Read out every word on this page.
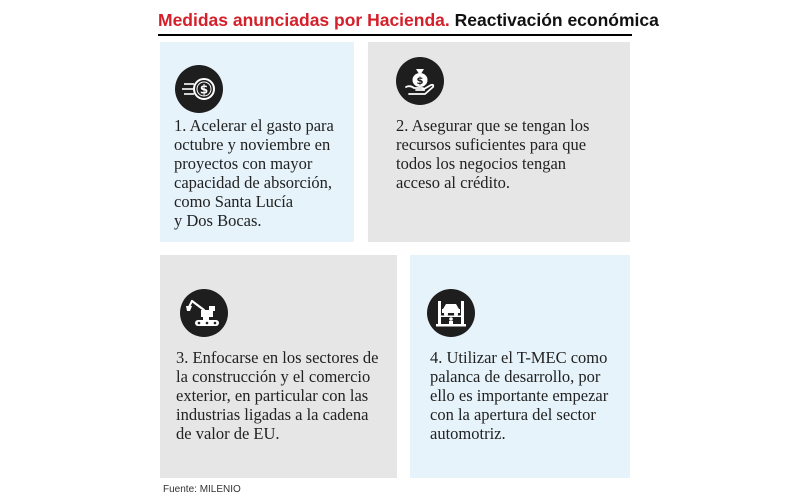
Medidas anunciadas por Hacienda. Reactivación económica
$
1. Acelerar el gasto para
octubre y noviembre en
proyectos con mayor
capacidad de absorción,
como Santa Lucía
y Dos Bocas.
$
2. Asegurar que se tengan los
recursos suficientes para que
todos los negocios tengan
acceso al crédito.
3. Enfocarse en los sectores de
la construcción y el comercio
exterior, en particular con las
industrias ligadas a la cadena
de valor de EU.
4. Utilizar el T-MEC como
palanca de desarrollo, por
ello es importante empezar
con la apertura del sector
automotriz.
Fuente: MILENIO
